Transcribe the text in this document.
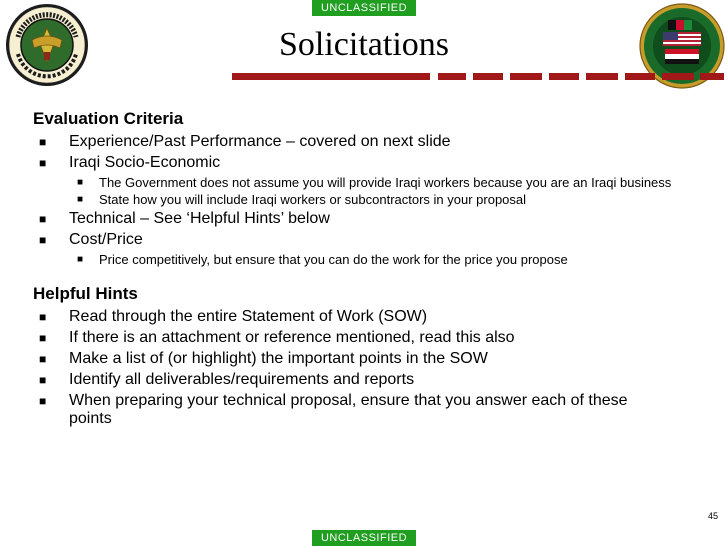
UNCLASSIFIED
Solicitations
Evaluation Criteria
■ Experience/Past Performance – covered on next slide
■ Iraqi Socio-Economic
■ The Government does not assume you will provide Iraqi workers because you are an Iraqi business
■ State how you will include Iraqi workers or subcontractors in your proposal
■ Technical – See ‘Helpful Hints’ below
■ Cost/Price
■ Price competitively, but ensure that you can do the work for the price you propose
Helpful Hints
■ Read through the entire Statement of Work (SOW)
■ If there is an attachment or reference mentioned, read this also
■ Make a list of (or highlight) the important points in the SOW
■ Identify all deliverables/requirements and reports
■ When preparing your technical proposal, ensure that you answer each of these points
45
UNCLASSIFIED
